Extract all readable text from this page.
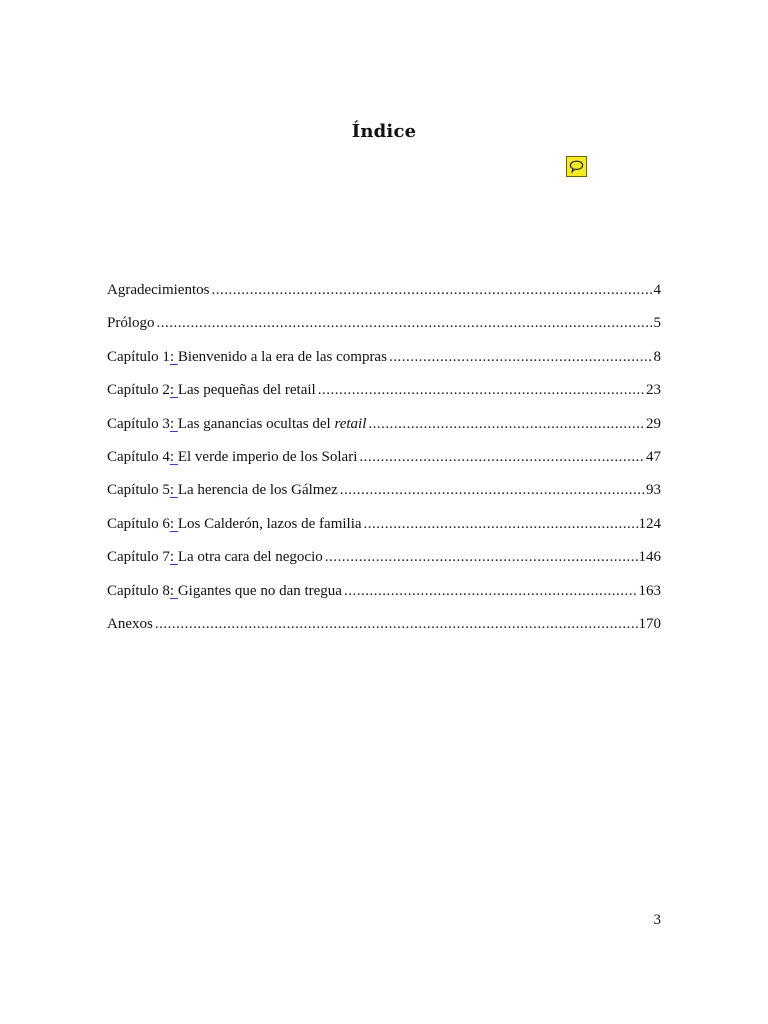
Índice
Agradecimientos .....	4
Prólogo .....	5
Capítulo 1: Bienvenido a la era de las compras .....	8
Capítulo 2: Las pequeñas del retail .....	23
Capítulo 3: Las ganancias ocultas del retail .....	29
Capítulo 4: El verde imperio de los Solari .....	47
Capítulo 5: La herencia de los Gálmez .....	93
Capítulo 6: Los Calderón, lazos de familia .....	124
Capítulo 7: La otra cara del negocio .....	146
Capítulo 8: Gigantes que no dan tregua .....	163
Anexos .....	170
3
